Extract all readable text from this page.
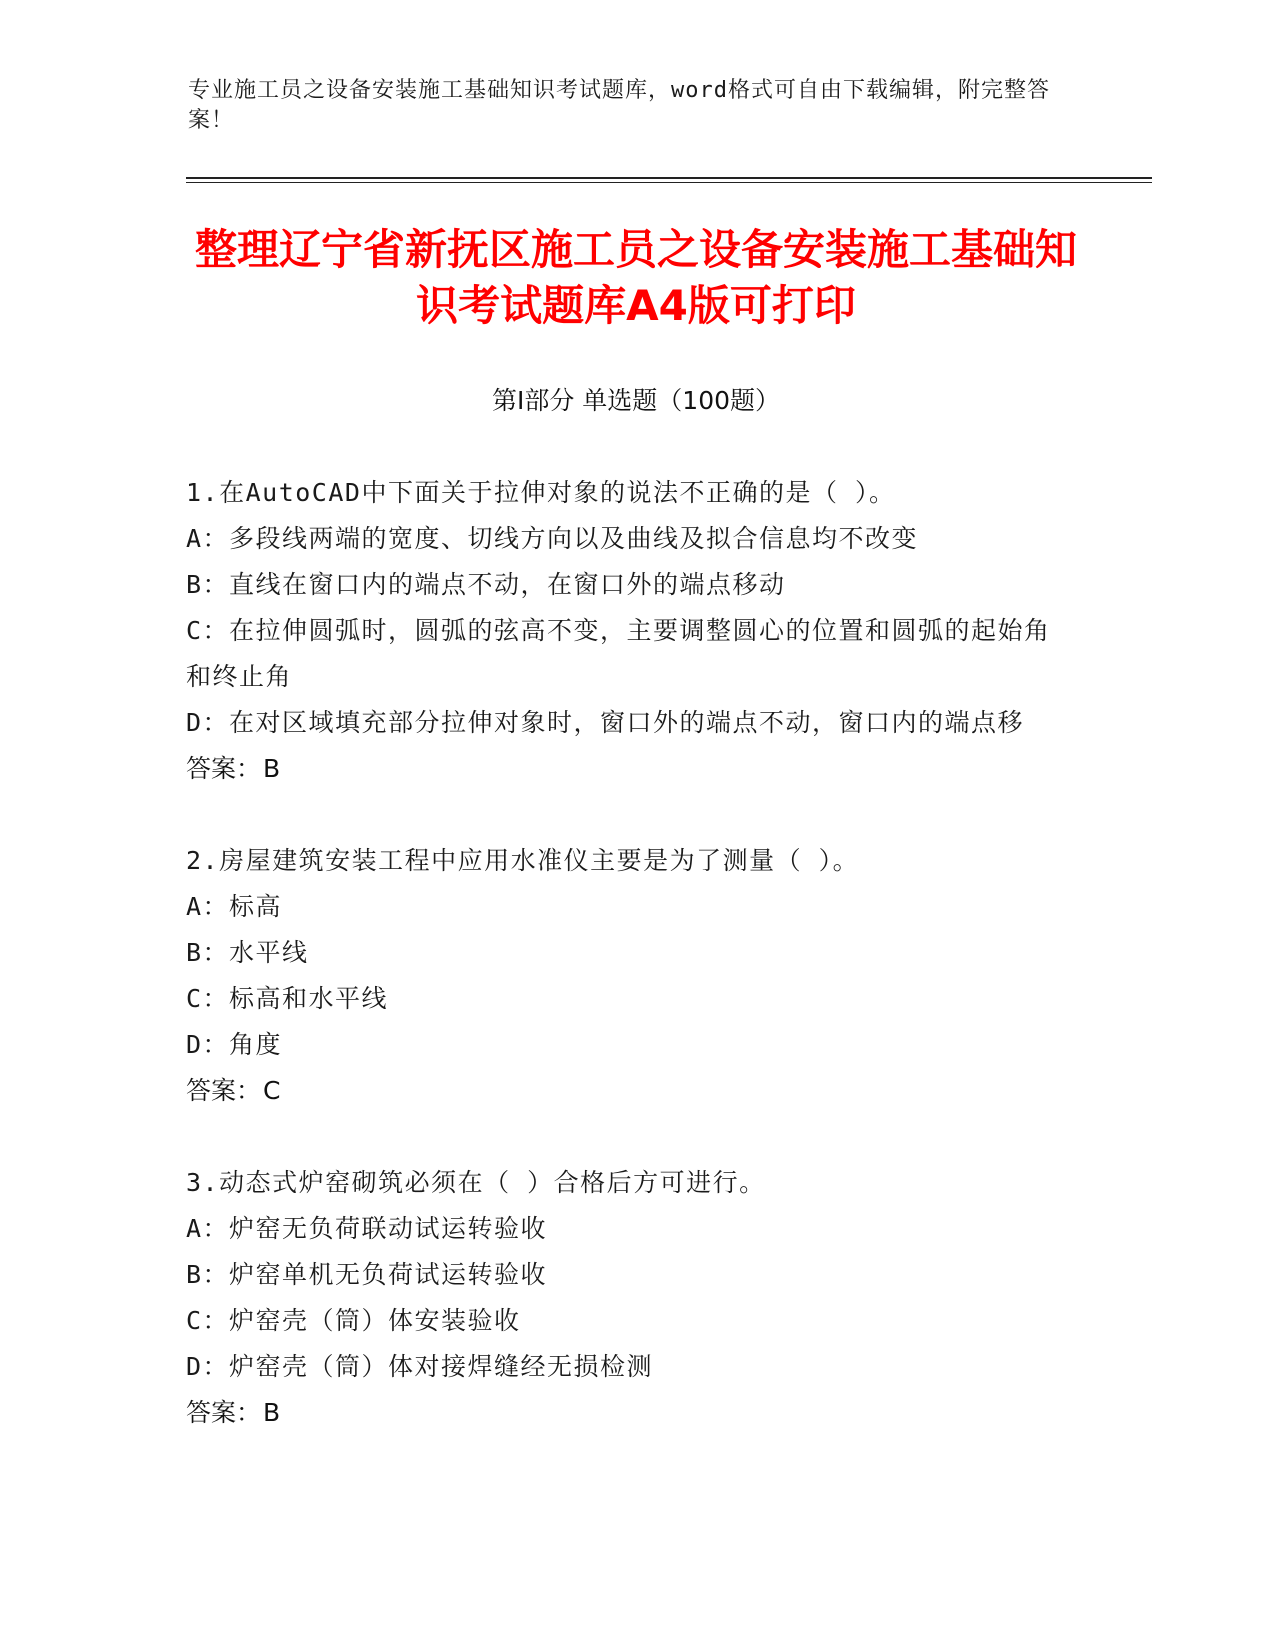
专业施工员之设备安装施工基础知识考试题库，word格式可自由下载编辑，附完整答案！
整理辽宁省新抚区施工员之设备安装施工基础知识考试题库A4版可打印
第Ⅰ部分 单选题（100题）
1.在AutoCAD中下面关于拉伸对象的说法不正确的是（ ）。
A：多段线两端的宽度、切线方向以及曲线及拟合信息均不改变
B：直线在窗口内的端点不动，在窗口外的端点移动
C：在拉伸圆弧时，圆弧的弦高不变，主要调整圆心的位置和圆弧的起始角和终止角
D：在对区域填充部分拉伸对象时，窗口外的端点不动，窗口内的端点移
答案：B
2.房屋建筑安装工程中应用水准仪主要是为了测量（ ）。
A：标高
B：水平线
C：标高和水平线
D：角度
答案：C
3.动态式炉窑砌筑必须在（ ）合格后方可进行。
A：炉窑无负荷联动试运转验收
B：炉窑单机无负荷试运转验收
C：炉窑壳（筒）体安装验收
D：炉窑壳（筒）体对接焊缝经无损检测
答案：B
